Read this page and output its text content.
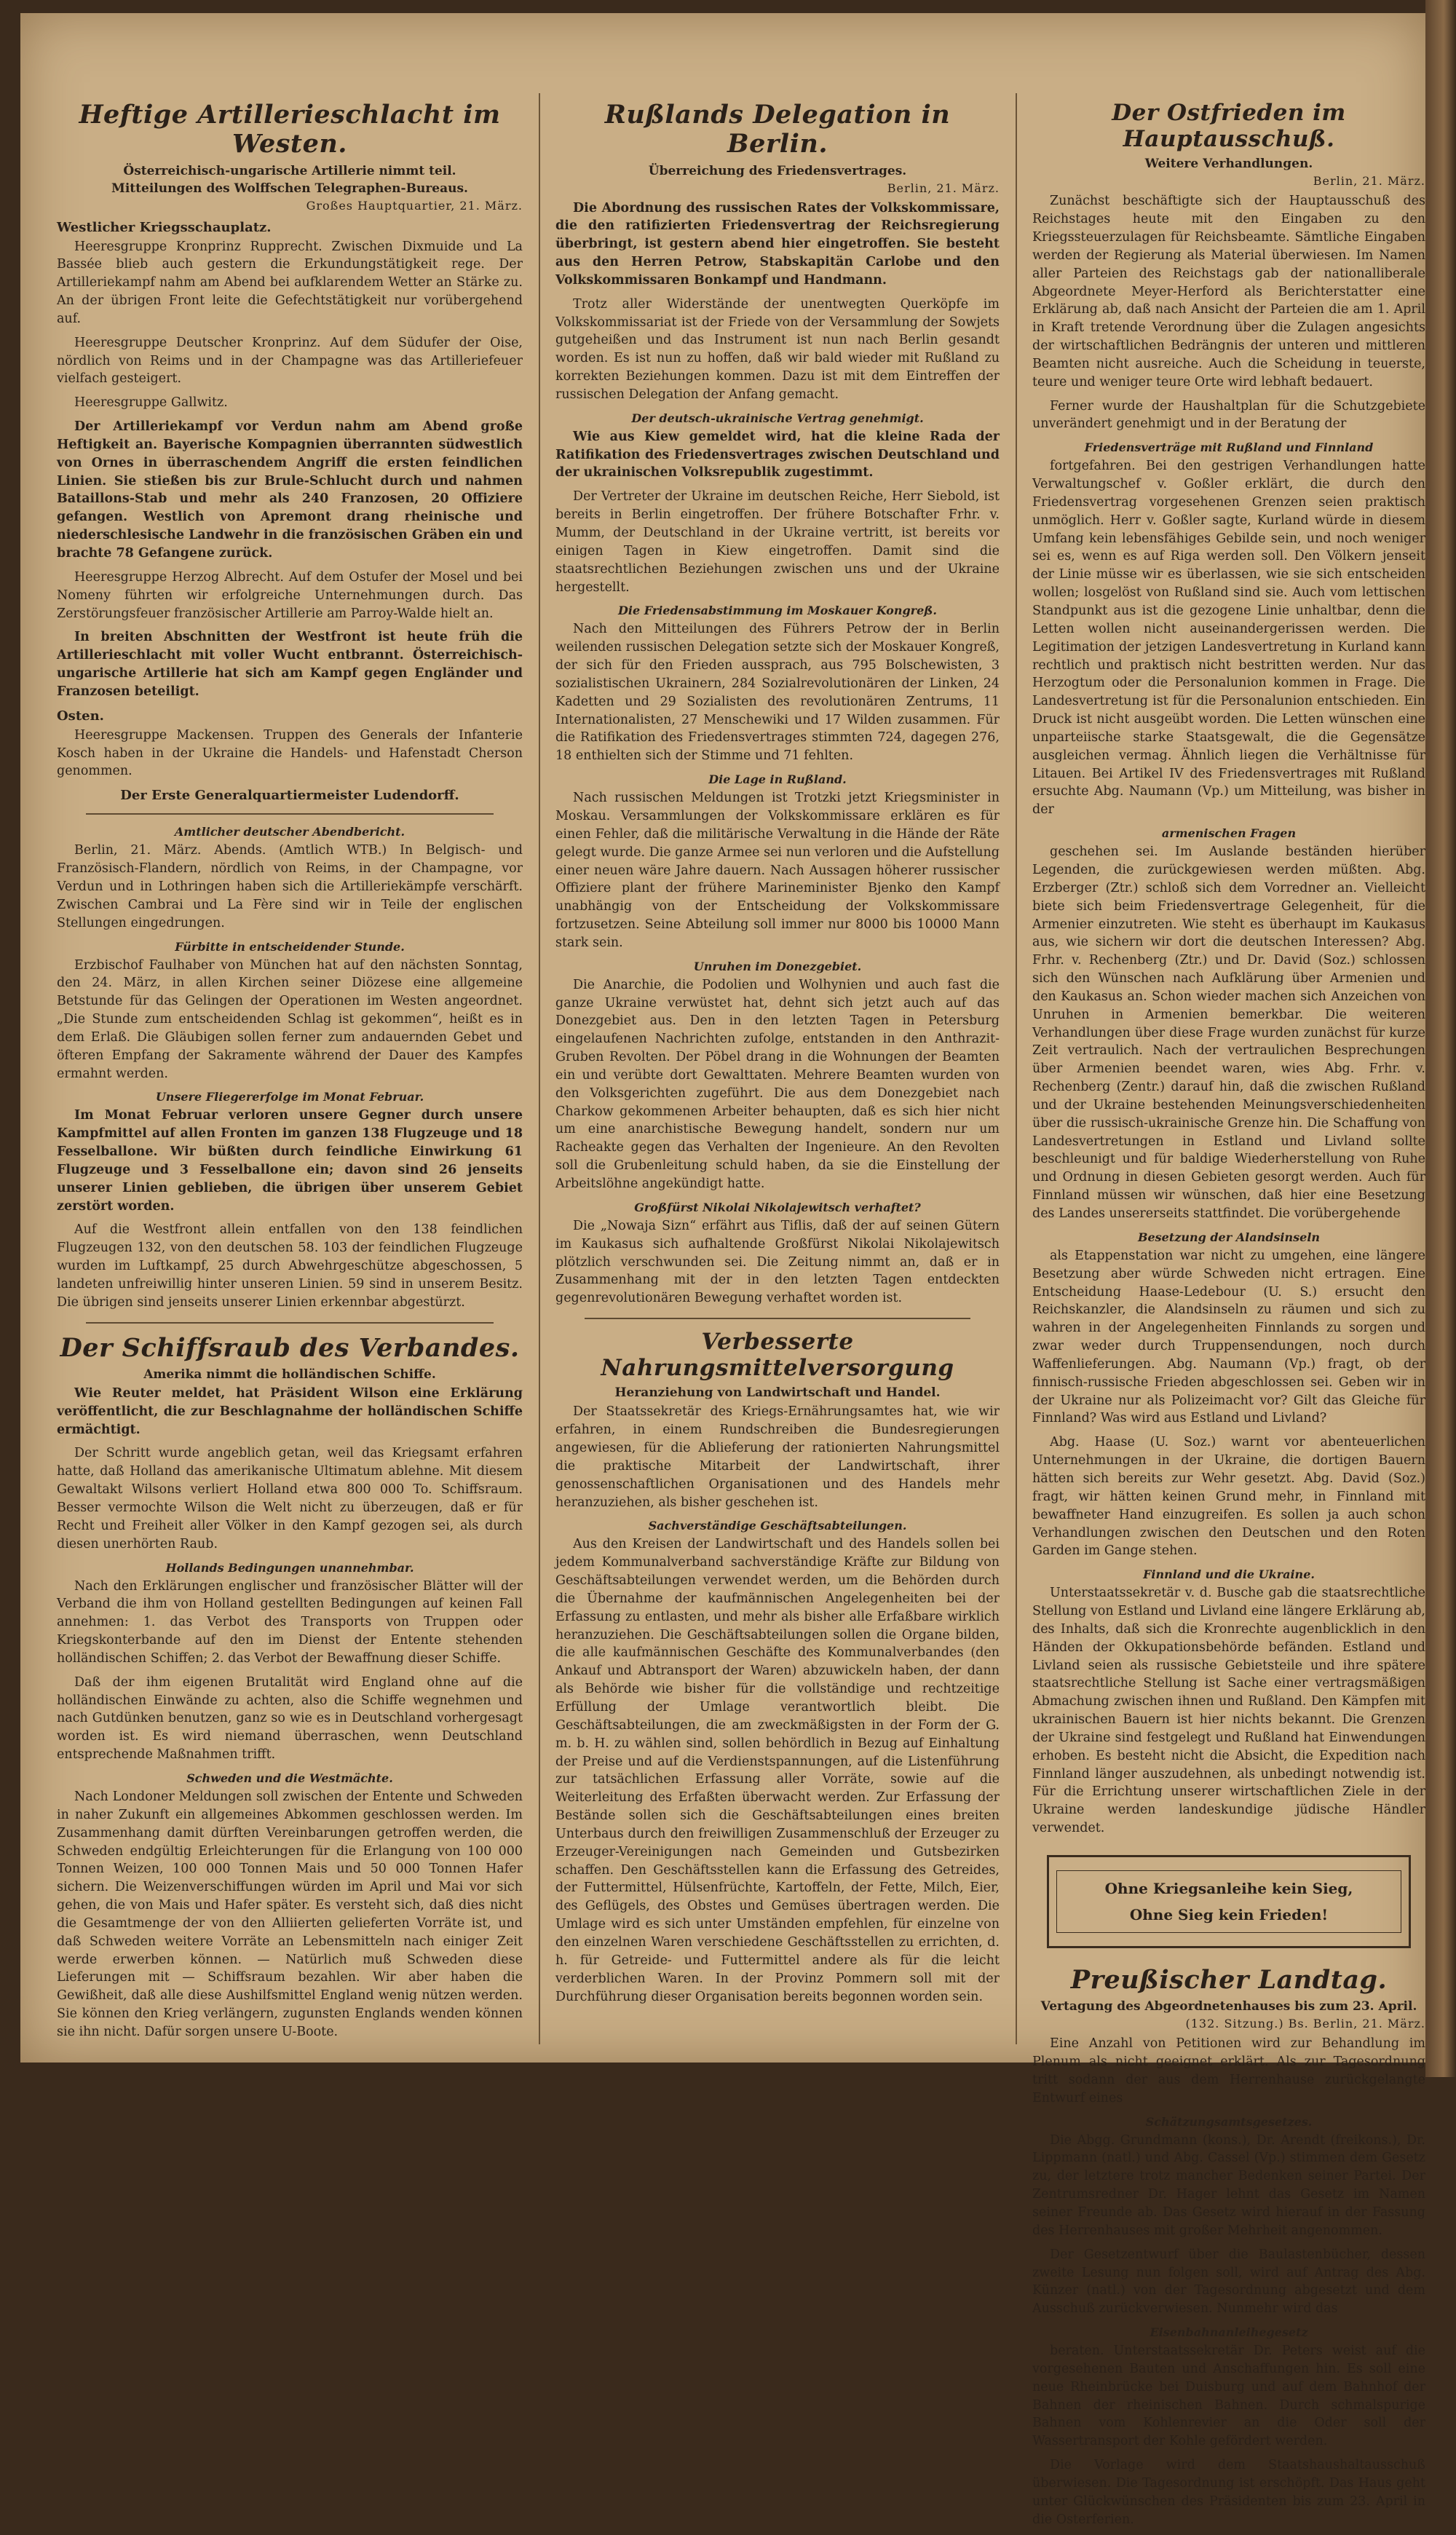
Heftige Artillerieschlacht im Westen.
Österreichisch-ungarische Artillerie nimmt teil.
Mitteilungen des Wolffschen Telegraphen-Bureaus.
Großes Hauptquartier, 21. März.
Westlicher Kriegsschauplatz.

Heeresgruppe Kronprinz Rupprecht. Zwischen Dixmuide und La Bassée blieb auch gestern die Erkundungstätigkeit rege. Der Artilleriekampf nahm am Abend bei aufklarendem Wetter an Stärke zu. An der übrigen Front leite die Gefechtstätigkeit nur vorübergehend auf.

Heeresgruppe Deutscher Kronprinz. Auf dem Südufer der Oise, nördlich von Reims und in der Champagne was das Artilleriefeuer vielfach gesteigert.

Heeresgruppe Gallwitz.

Der Artilleriekampf vor Verdun nahm am Abend große Heftigkeit an. Bayerische Kompagnien überrannten südwestlich von Ornes in überraschendem Angriff die ersten feindlichen Linien. Sie stießen bis zur Brule-Schlucht durch und nahmen Bataillons-Stab und mehr als 240 Franzosen, 20 Offiziere gefangen. Westlich von Apremont drang rheinische und niederschlesische Landwehr in die französischen Gräben ein und brachte 78 Gefangene zurück.

Heeresgruppe Herzog Albrecht. Auf dem Ostufer der Mosel und bei Nomeny führten wir erfolgreiche Unternehmungen durch. Das Zerstörungsfeuer französischer Artillerie am Parroy-Walde hielt an.

In breiten Abschnitten der Westfront ist heute früh die Artillerieschlacht mit voller Wucht entbrannt. Österreichisch-ungarische Artillerie hat sich am Kampf gegen Engländer und Franzosen beteiligt.

Osten.

Heeresgruppe Mackensen. Truppen des Generals der Infanterie Kosch haben in der Ukraine die Handels- und Hafenstadt Cherson genommen.

Der Erste Generalquartiermeister Ludendorff.
Amtlicher deutscher Abendbericht.

Berlin, 21. März. Abends. (Amtlich WTB.) In Belgisch- und Französisch-Flandern, nördlich von Reims, in der Champagne, vor Verdun und in Lothringen haben sich die Artilleriekämpfe verschärft. Zwischen Cambrai und La Fère sind wir in Teile der englischen Stellungen eingedrungen.

Fürbitte in entscheidender Stunde.

Erzbischof Faulhaber von München hat auf den nächsten Sonntag, den 24. März, in allen Kirchen seiner Diözese eine allgemeine Betstunde für das Gelingen der Operationen im Westen angeordnet. „Die Stunde zum entscheidenden Schlag ist gekommen“, heißt es in dem Erlaß. Die Gläubigen sollen ferner zum andauernden Gebet und öfteren Empfang der Sakramente während der Dauer des Kampfes ermahnt werden.

Unsere Fliegererfolge im Monat Februar.

Im Monat Februar verloren unsere Gegner durch unsere Kampfmittel auf allen Fronten im ganzen 138 Flugzeuge und 18 Fesselballone. Wir büßten durch feindliche Einwirkung 61 Flugzeuge und 3 Fesselballone ein; davon sind 26 jenseits unserer Linien geblieben, die übrigen über unserem Gebiet zerstört worden.

Auf die Westfront allein entfallen von den 138 feindlichen Flugzeugen 132, von den deutschen 58. 103 der feindlichen Flugzeuge wurden im Luftkampf, 25 durch Abwehrgeschütze abgeschossen, 5 landeten unfreiwillig hinter unseren Linien. 59 sind in unserem Besitz. Die übrigen sind jenseits unserer Linien erkennbar abgestürzt.

Der Schiffsraub des Verbandes.
Amerika nimmt die holländischen Schiffe.

Wie Reuter meldet, hat Präsident Wilson eine Erklärung veröffentlicht, die zur Beschlagnahme der holländischen Schiffe ermächtigt.

Der Schritt wurde angeblich getan, weil das Kriegsamt erfahren hatte, daß Holland das amerikanische Ultimatum ablehne. Mit diesem Gewaltakt Wilsons verliert Holland etwa 800 000 To. Schiffsraum. Besser vermochte Wilson die Welt nicht zu überzeugen, daß er für Recht und Freiheit aller Völker in den Kampf gezogen sei, als durch diesen unerhörten Raub.

Hollands Bedingungen unannehmbar.

Nach den Erklärungen englischer und französischer Blätter will der Verband die ihm von Holland gestellten Bedingungen auf keinen Fall annehmen: 1. das Verbot des Transports von Truppen oder Kriegskonterbande auf den im Dienst der Entente stehenden holländischen Schiffen; 2. das Verbot der Bewaffnung dieser Schiffe.

Daß der ihm eigenen Brutalität wird England ohne auf die holländischen Einwände zu achten, also die Schiffe wegnehmen und nach Gutdünken benutzen, ganz so wie es in Deutschland vorhergesagt worden ist. Es wird niemand überraschen, wenn Deutschland entsprechende Maßnahmen trifft.

Schweden und die Westmächte.

Nach Londoner Meldungen soll zwischen der Entente und Schweden in naher Zukunft ein allgemeines Abkommen geschlossen werden. Im Zusammenhang damit dürften Vereinbarungen getroffen werden, die Schweden endgültig Erleichterungen für die Erlangung von 100 000 Tonnen Weizen, 100 000 Tonnen Mais und 50 000 Tonnen Hafer sichern. Die Weizenverschiffungen würden im April und Mai vor sich gehen, die von Mais und Hafer später. Es versteht sich, daß dies nicht die Gesamtmenge der von den Alliierten gelieferten Vorräte ist, und daß Schweden weitere Vorräte an Lebensmitteln nach einiger Zeit werde erwerben können. — Natürlich muß Schweden diese Lieferungen mit — Schiffsraum bezahlen. Wir aber haben die Gewißheit, daß alle diese Aushilfsmittel England wenig nützen werden. Sie können den Krieg verlängern, zugunsten Englands wenden können sie ihn nicht. Dafür sorgen unsere U-Boote.

Rußlands Delegation in Berlin.
Überreichung des Friedensvertrages.
Berlin, 21. März.

Die Abordnung des russischen Rates der Volkskommissare, die den ratifizierten Friedensvertrag der Reichsregierung überbringt, ist gestern abend hier eingetroffen. Sie besteht aus den Herren Petrow, Stabskapitän Carlobe und den Volkskommissaren Bonkampf und Handmann.

Trotz aller Widerstände der unentwegten Querköpfe im Volkskommissariat ist der Friede von der Versammlung der Sowjets gutgeheißen und das Instrument ist nun nach Berlin gesandt worden. Es ist nun zu hoffen, daß wir bald wieder mit Rußland zu korrekten Beziehungen kommen. Dazu ist mit dem Eintreffen der russischen Delegation der Anfang gemacht.

Der deutsch-ukrainische Vertrag genehmigt.

Wie aus Kiew gemeldet wird, hat die kleine Rada der Ratifikation des Friedensvertrages zwischen Deutschland und der ukrainischen Volksrepublik zugestimmt.

Der Vertreter der Ukraine im deutschen Reiche, Herr Siebold, ist bereits in Berlin eingetroffen. Der frühere Botschafter Frhr. v. Mumm, der Deutschland in der Ukraine vertritt, ist bereits vor einigen Tagen in Kiew eingetroffen. Damit sind die staatsrechtlichen Beziehungen zwischen uns und der Ukraine hergestellt.

Die Friedensabstimmung im Moskauer Kongreß.

Nach den Mitteilungen des Führers Petrow der in Berlin weilenden russischen Delegation setzte sich der Moskauer Kongreß, der sich für den Frieden aussprach, aus 795 Bolschewisten, 3 sozialistischen Ukrainern, 284 Sozialrevolutionären der Linken, 24 Kadetten und 29 Sozialisten des revolutionären Zentrums, 11 Internationalisten, 27 Menschewiki und 17 Wilden zusammen. Für die Ratifikation des Friedensvertrages stimmten 724, dagegen 276, 18 enthielten sich der Stimme und 71 fehlten.

Die Lage in Rußland.

Nach russischen Meldungen ist Trotzki jetzt Kriegsminister in Moskau. Versammlungen der Volkskommissare erklären es für einen Fehler, daß die militärische Verwaltung in die Hände der Räte gelegt wurde. Die ganze Armee sei nun verloren und die Aufstellung einer neuen wäre Jahre dauern. Nach Aussagen höherer russischer Offiziere plant der frühere Marineminister Bjenko den Kampf unabhängig von der Entscheidung der Volkskommissare fortzusetzen. Seine Abteilung soll immer nur 8000 bis 10000 Mann stark sein.

Unruhen im Donezgebiet.

Die Anarchie, die Podolien und Wolhynien und auch fast die ganze Ukraine verwüstet hat, dehnt sich jetzt auch auf das Donezgebiet aus. Den in den letzten Tagen in Petersburg eingelaufenen Nachrichten zufolge, entstanden in den Anthrazit-Gruben Revolten. Der Pöbel drang in die Wohnungen der Beamten ein und verübte dort Gewalttaten. Mehrere Beamten wurden von den Volksgerichten zugeführt. Die aus dem Donezgebiet nach Charkow gekommenen Arbeiter behaupten, daß es sich hier nicht um eine anarchistische Bewegung handelt, sondern nur um Racheakte gegen das Verhalten der Ingenieure. An den Revolten soll die Grubenleitung schuld haben, da sie die Einstellung der Arbeitslöhne angekündigt hatte.

Großfürst Nikolai Nikolajewitsch verhaftet?

Die „Nowaja Sizn“ erfährt aus Tiflis, daß der auf seinen Gütern im Kaukasus sich aufhaltende Großfürst Nikolai Nikolajewitsch plötzlich verschwunden sei. Die Zeitung nimmt an, daß er in Zusammenhang mit der in den letzten Tagen entdeckten gegenrevolutionären Bewegung verhaftet worden ist.

Verbesserte Nahrungsmittelversorgung
Heranziehung von Landwirtschaft und Handel.

Der Staatssekretär des Kriegs-Ernährungsamtes hat, wie wir erfahren, in einem Rundschreiben die Bundesregierungen angewiesen, für die Ablieferung der rationierten Nahrungsmittel die praktische Mitarbeit der Landwirtschaft, ihrer genossenschaftlichen Organisationen und des Handels mehr heranzuziehen, als bisher geschehen ist.

Sachverständige Geschäftsabteilungen.

Aus den Kreisen der Landwirtschaft und des Handels sollen bei jedem Kommunalverband sachverständige Kräfte zur Bildung von Geschäftsabteilungen verwendet werden, um die Behörden durch die Übernahme der kaufmännischen Angelegenheiten bei der Erfassung zu entlasten, und mehr als bisher alle Erfaßbare wirklich heranzuziehen. Die Geschäftsabteilungen sollen die Organe bilden, die alle kaufmännischen Geschäfte des Kommunalverbandes (den Ankauf und Abtransport der Waren) abzuwickeln haben, der dann als Behörde wie bisher für die vollständige und rechtzeitige Erfüllung der Umlage verantwortlich bleibt. Die Geschäftsabteilungen, die am zweckmäßigsten in der Form der G. m. b. H. zu wählen sind, sollen behördlich in Bezug auf Einhaltung der Preise und auf die Verdienstspannungen, auf die Listenführung zur tatsächlichen Erfassung aller Vorräte, sowie auf die Weiterleitung des Erfaßten überwacht werden. Zur Erfassung der Bestände sollen sich die Geschäftsabteilungen eines breiten Unterbaus durch den freiwilligen Zusammenschluß der Erzeuger zu Erzeuger-Vereinigungen nach Gemeinden und Gutsbezirken schaffen. Den Geschäftsstellen kann die Erfassung des Getreides, der Futtermittel, Hülsenfrüchte, Kartoffeln, der Fette, Milch, Eier, des Geflügels, des Obstes und Gemüses übertragen werden. Die Umlage wird es sich unter Umständen empfehlen, für einzelne von den einzelnen Waren verschiedene Geschäftsstellen zu errichten, d. h. für Getreide- und Futtermittel andere als für die leicht verderblichen Waren. In der Provinz Pommern soll mit der Durchführung dieser Organisation bereits begonnen worden sein.

Der Ostfrieden im Hauptausschuß.
Weitere Verhandlungen.
Berlin, 21. März.

Zunächst beschäftigte sich der Hauptausschuß des Reichstages heute mit den Eingaben zu den Kriegssteuerzulagen für Reichsbeamte. Sämtliche Eingaben werden der Regierung als Material überwiesen. Im Namen aller Parteien des Reichstags gab der nationalliberale Abgeordnete Meyer-Herford als Berichterstatter eine Erklärung ab, daß nach Ansicht der Parteien die am 1. April in Kraft tretende Verordnung über die Zulagen angesichts der wirtschaftlichen Bedrängnis der unteren und mittleren Beamten nicht ausreiche. Auch die Scheidung in teuerste, teure und weniger teure Orte wird lebhaft bedauert.

Ferner wurde der Haushaltplan für die Schutzgebiete unverändert genehmigt und in der Beratung der

Friedensverträge mit Rußland und Finnland

fortgefahren. Bei den gestrigen Verhandlungen hatte Verwaltungschef v. Goßler erklärt, die durch den Friedensvertrag vorgesehenen Grenzen seien praktisch unmöglich. Herr v. Goßler sagte, Kurland würde in diesem Umfang kein lebensfähiges Gebilde sein, und noch weniger sei es, wenn es auf Riga werden soll. Den Völkern jenseit der Linie müsse wir es überlassen, wie sie sich entscheiden wollen; losgelöst von Rußland sind sie. Auch vom lettischen Standpunkt aus ist die gezogene Linie unhaltbar, denn die Letten wollen nicht auseinandergerissen werden. Die Legitimation der jetzigen Landesvertretung in Kurland kann rechtlich und praktisch nicht bestritten werden. Nur das Herzogtum oder die Personalunion kommen in Frage. Die Landesvertretung ist für die Personalunion entschieden. Ein Druck ist nicht ausgeübt worden. Die Letten wünschen eine unparteiische starke Staatsgewalt, die die Gegensätze ausgleichen vermag. Ähnlich liegen die Verhältnisse für Litauen. Bei Artikel IV des Friedensvertrages mit Rußland ersuchte Abg. Naumann (Vp.) um Mitteilung, was bisher in der

armenischen Fragen

geschehen sei. Im Auslande beständen hierüber Legenden, die zurückgewiesen werden müßten. Abg. Erzberger (Ztr.) schloß sich dem Vorredner an. Vielleicht biete sich beim Friedensvertrage Gelegenheit, für die Armenier einzutreten. Wie steht es überhaupt im Kaukasus aus, wie sichern wir dort die deutschen Interessen? Abg. Frhr. v. Rechenberg (Ztr.) und Dr. David (Soz.) schlossen sich den Wünschen nach Aufklärung über Armenien und den Kaukasus an. Schon wieder machen sich Anzeichen von Unruhen in Armenien bemerkbar. Die weiteren Verhandlungen über diese Frage wurden zunächst für kurze Zeit vertraulich. Nach der vertraulichen Besprechungen über Armenien beendet waren, wies Abg. Frhr. v. Rechenberg (Zentr.) darauf hin, daß die zwischen Rußland und der Ukraine bestehenden Meinungsverschiedenheiten über die russisch-ukrainische Grenze hin. Die Schaffung von Landesvertretungen in Estland und Livland sollte beschleunigt und für baldige Wiederherstellung von Ruhe und Ordnung in diesen Gebieten gesorgt werden. Auch für Finnland müssen wir wünschen, daß hier eine Besetzung des Landes unsererseits stattfindet. Die vorübergehende

Besetzung der Alandsinseln

als Etappenstation war nicht zu umgehen, eine längere Besetzung aber würde Schweden nicht ertragen. Eine Entscheidung Haase-Ledebour (U. S.) ersucht den Reichskanzler, die Alandsinseln zu räumen und sich zu wahren in der Angelegenheiten Finnlands zu sorgen und zwar weder durch Truppensendungen, noch durch Waffenlieferungen. Abg. Naumann (Vp.) fragt, ob der finnisch-russische Frieden abgeschlossen sei. Geben wir in der Ukraine nur als Polizeimacht vor? Gilt das Gleiche für Finnland? Was wird aus Estland und Livland?

Abg. Haase (U. Soz.) warnt vor abenteuerlichen Unternehmungen in der Ukraine, die dortigen Bauern hätten sich bereits zur Wehr gesetzt. Abg. David (Soz.) fragt, wir hätten keinen Grund mehr, in Finnland mit bewaffneter Hand einzugreifen. Es sollen ja auch schon Verhandlungen zwischen den Deutschen und den Roten Garden im Gange stehen.

Finnland und die Ukraine.

Unterstaatssekretär v. d. Busche gab die staatsrechtliche Stellung von Estland und Livland eine längere Erklärung ab, des Inhalts, daß sich die Kronrechte augenblicklich in den Händen der Okkupationsbehörde befänden. Estland und Livland seien als russische Gebietsteile und ihre spätere staatsrechtliche Stellung ist Sache einer vertragsmäßigen Abmachung zwischen ihnen und Rußland. Den Kämpfen mit ukrainischen Bauern ist hier nichts bekannt. Die Grenzen der Ukraine sind festgelegt und Rußland hat Einwendungen erhoben. Es besteht nicht die Absicht, die Expedition nach Finnland länger auszudehnen, als unbedingt notwendig ist. Für die Errichtung unserer wirtschaftlichen Ziele in der Ukraine werden landeskundige jüdische Händler verwendet.

Ohne Kriegsanleihe kein Sieg,
Ohne Sieg kein Frieden!
Preußischer Landtag.
Vertagung des Abgeordnetenhauses bis zum 23. April.
(132. Sitzung.) Bs. Berlin, 21. März.

Eine Anzahl von Petitionen wird zur Behandlung im Plenum als nicht geeignet erklärt. Als zur Tagesordnung tritt sodann der aus dem Herrenhause zurückgelangte Entwurf eines

Schätzungsamtsgesetzes.

Die Abgg. Grundmann (kons.), Dr. Arendt (freikons.), Dr. Lippmann (natl.) und Abg. Cassel (Vp.) stimmen dem Gesetz zu, der letztere trotz mancher Bedenken seiner Partei. Der Zentrumsredner Dr. Hager lehnt das Gesetz im Namen seiner Freunde ab. Das Gesetz wird hierauf in der Fassung des Herrenhauses mit großer Mehrheit angenommen.

Der Gesetzentwurf über die Baulastenbücher, dessen zweite Lesung nun folgen soll, wird auf Antrag des Abg. Künzer (natl.) von der Tagesordnung abgesetzt und dem Ausschuß zurückverwiesen. Nunmehr wird das

Eisenbahnanleihegesetz

beraten. Unterstaatssekretär Dr. Peters weist auf die vorgesehenen Bauten und Anschaffungen hin. Es soll eine neue Rheinbrücke bei Duisburg und auf dem Bahnhof der Bahnen der rheinischen Bahnen. Durch schmalspurige Bahnen vom Kohlenrevier an die Oder soll der Wassertransport der Kohle gefördert werden.

Die Vorlage wird dem Staatshaushaltausschuß überwiesen. Die Tagesordnung ist erschöpft. Das Haus geht unter Glückwünschen des Präsidenten bis zum 23. April in die Osterferien.
